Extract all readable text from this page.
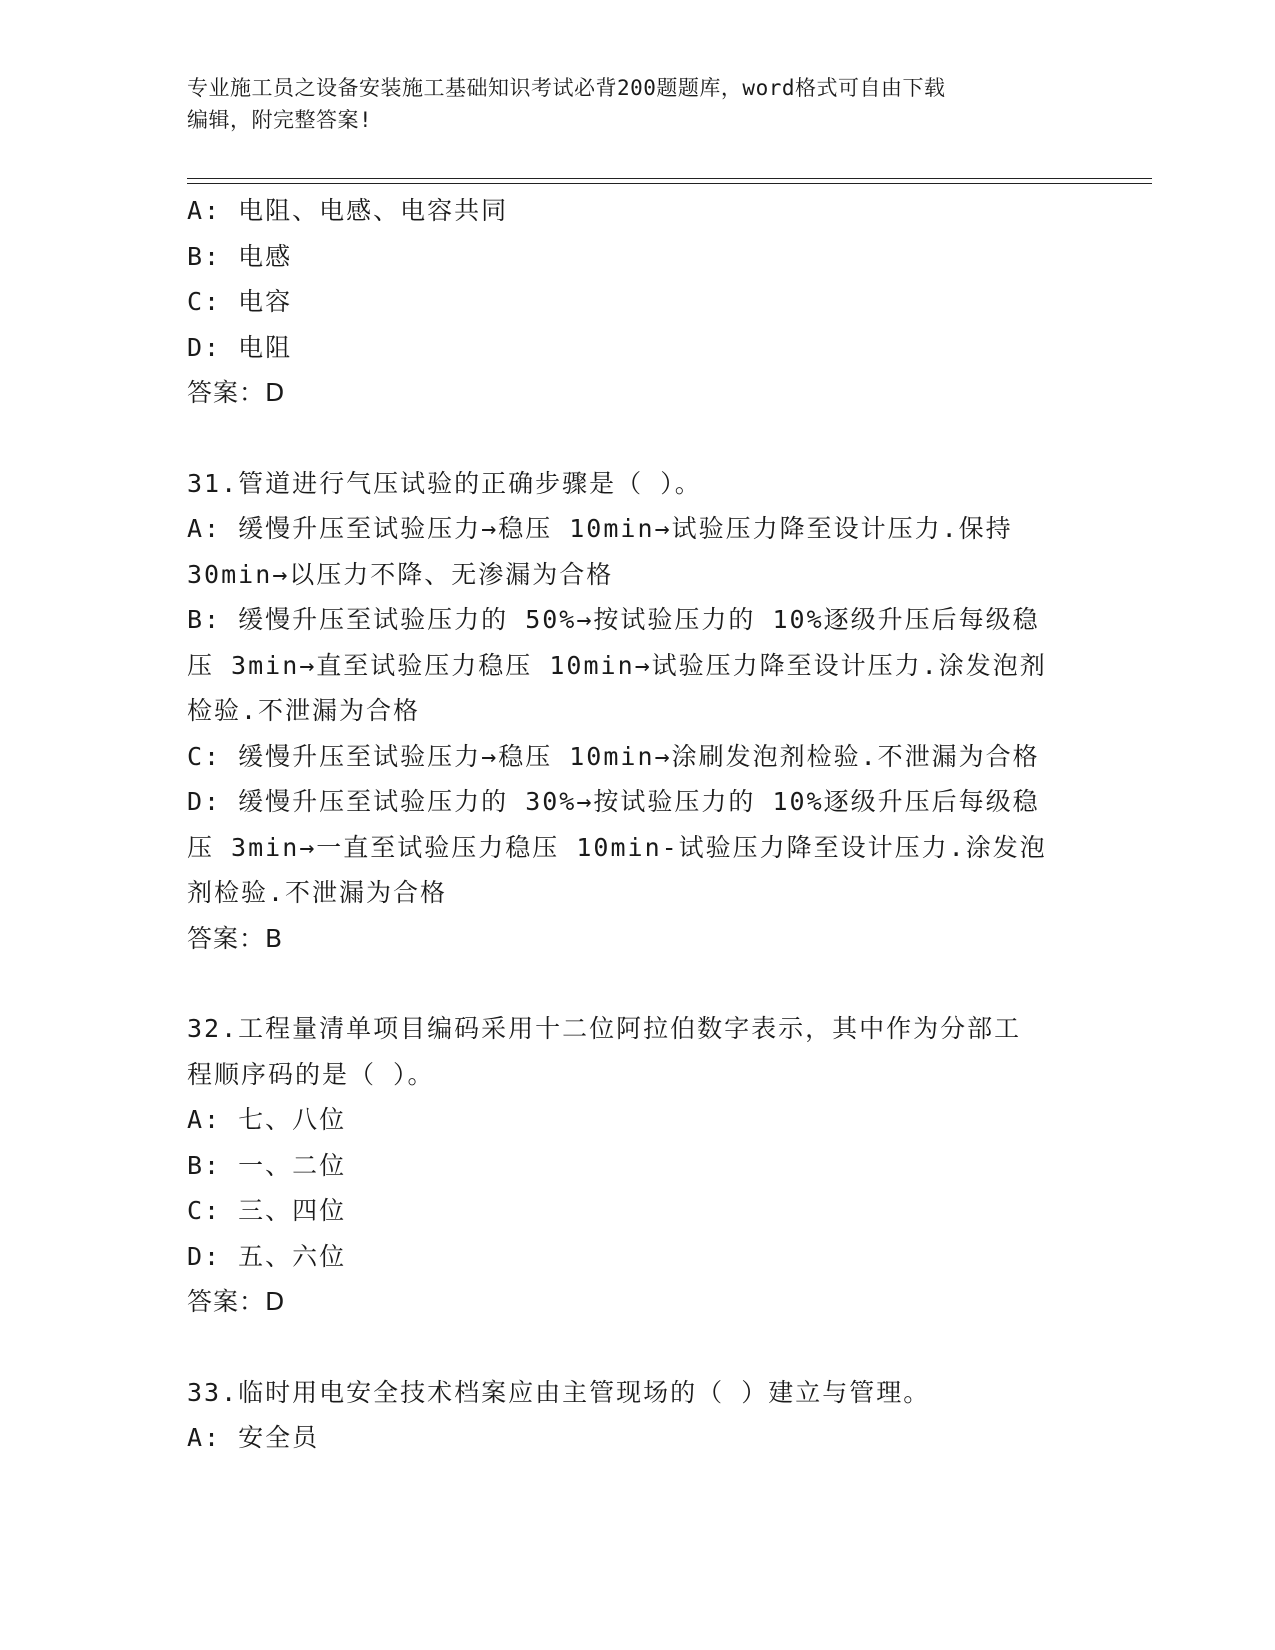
专业施工员之设备安装施工基础知识考试必背200题题库，word格式可自由下载
编辑，附完整答案!
A: 电阻、电感、电容共同
B: 电感
C: 电容
D: 电阻
答案：D
31.管道进行气压试验的正确步骤是（ ）。
A: 缓慢升压至试验压力→稳压 10min→试验压力降至设计压力.保持
30min→以压力不降、无渗漏为合格
B: 缓慢升压至试验压力的 50%→按试验压力的 10%逐级升压后每级稳
压 3min→直至试验压力稳压 10min→试验压力降至设计压力.涂发泡剂
检验.不泄漏为合格
C: 缓慢升压至试验压力→稳压 10min→涂刷发泡剂检验.不泄漏为合格
D: 缓慢升压至试验压力的 30%→按试验压力的 10%逐级升压后每级稳
压 3min→一直至试验压力稳压 10min-试验压力降至设计压力.涂发泡
剂检验.不泄漏为合格
答案：B
32.工程量清单项目编码采用十二位阿拉伯数字表示，其中作为分部工
程顺序码的是（ ）。
A: 七、八位
B: 一、二位
C: 三、四位
D: 五、六位
答案：D
33.临时用电安全技术档案应由主管现场的（ ）建立与管理。
A: 安全员
